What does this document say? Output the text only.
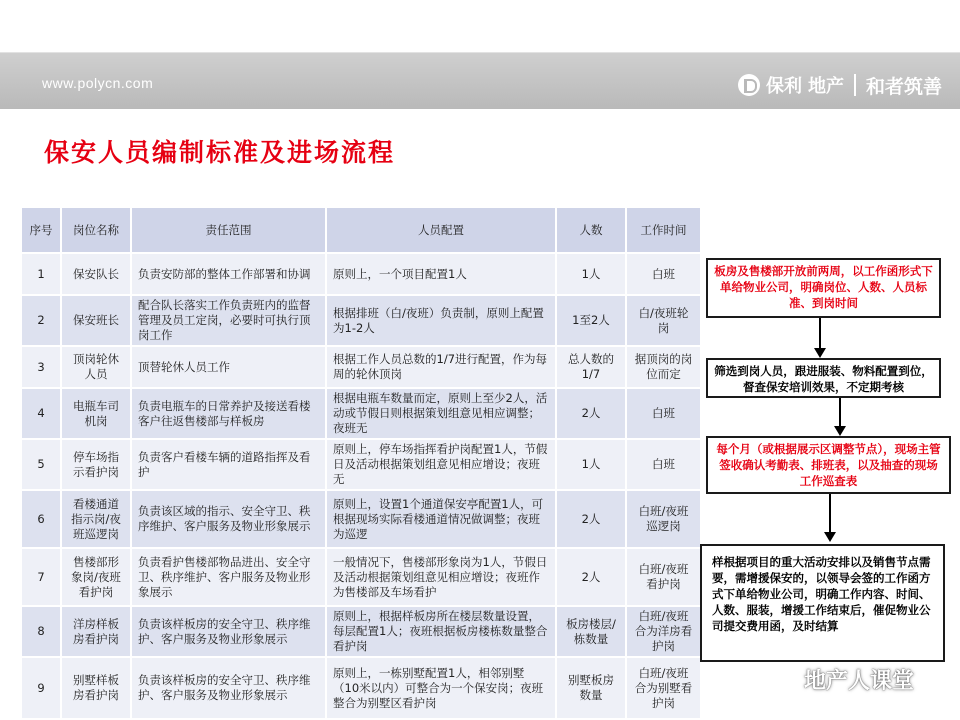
www.polycn.com	保利 地产 和者筑善
保安人员编制标准及进场流程
序号	岗位名称	责任范围	人员配置	人数	工作时间
1	保安队长	负责安防部的整体工作部署和协调	原则上，一个项目配置1人	1人	白班
2	保安班长	配合队长落实工作负责班内的监督管理及员工定岗，必要时可执行顶岗工作	根据排班（白/夜班）负责制，原则上配置为1-2人	1至2人	白/夜班轮岗
3	顶岗轮休人员	顶替轮休人员工作	根据工作人员总数的1/7进行配置，作为每周的轮休顶岗	总人数的1/7	据顶岗的岗位而定
4	电瓶车司机岗	负责电瓶车的日常养护及接送看楼客户往返售楼部与样板房	根据电瓶车数量而定，原则上至少2人，活动或节假日则根据策划组意见相应调整；夜班无	2人	白班
5	停车场指示看护岗	负责客户看楼车辆的道路指挥及看护	原则上，停车场指挥看护岗配置1人，节假日及活动根据策划组意见相应增设；夜班无	1人	白班
6	看楼通道指示岗/夜班巡逻岗	负责该区域的指示、安全守卫、秩序维护、客户服务及物业形象展示	原则上，设置1个通道保安亭配置1人，可根据现场实际看楼通道情况做调整；夜班为巡逻	2人	白班/夜班巡逻岗
7	售楼部形象岗/夜班看护岗	负责看护售楼部物品进出、安全守卫、秩序维护、客户服务及物业形象展示	一般情况下，售楼部形象岗为1人，节假日及活动根据策划组意见相应增设；夜班作为售楼部及车场看护	2人	白班/夜班看护岗
8	洋房样板房看护岗	负责该样板房的安全守卫、秩序维护、客户服务及物业形象展示	原则上，根据样板房所在楼层数量设置，每层配置1人；夜班根据板房楼栋数量整合看护岗	板房楼层/栋数量	白班/夜班合为洋房看护岗
9	别墅样板房看护岗	负责该样板房的安全守卫、秩序维护、客户服务及物业形象展示	原则上，一栋别墅配置1人，相邻别墅（10米以内）可整合为一个保安岗；夜班整合为别墅区看护岗	别墅板房数量	白班/夜班合为别墅看护岗
板房及售楼部开放前两周，以工作函形式下单给物业公司，明确岗位、人数、人员标准、到岗时间
筛选到岗人员，跟进服装、物料配置到位，督查保安培训效果，不定期考核
每个月（或根据展示区调整节点），现场主管签收确认考勤表、排班表，以及抽查的现场工作巡查表
样根据项目的重大活动安排以及销售节点需要，需增援保安的，以领导会签的工作函方式下单给物业公司，明确工作内容、时间、人数、服装，增援工作结束后，催促物业公司提交费用函，及时结算
地产人课堂
